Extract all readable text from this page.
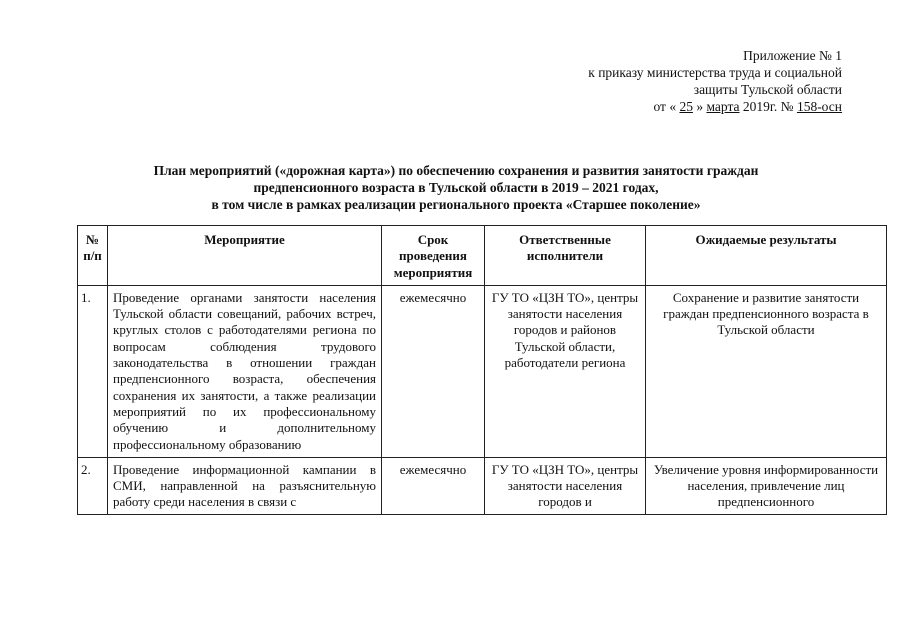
Приложение № 1
к приказу министерства труда и социальной
защиты Тульской области
от « 25 » марта 2019г. № 158-осн
План мероприятий («дорожная карта») по обеспечению сохранения и развития занятости граждан
предпенсионного возраста в Тульской области в 2019 – 2021 годах,
в том числе в рамках реализации регионального проекта «Старшее поколение»
№ п/п	Мероприятие	Срок проведения мероприятия	Ответственные исполнители	Ожидаемые результаты
1.	Проведение органами занятости населения Тульской области совещаний, рабочих встреч, круглых столов с работодателями региона по вопросам соблюдения трудового законодательства в отношении граждан предпенсионного возраста, обеспечения сохранения их занятости, а также реализации мероприятий по их профессиональному обучению и дополнительному профессиональному образованию	ежемесячно	ГУ ТО «ЦЗН ТО», центры занятости населения городов и районов Тульской области, работодатели региона	Сохранение и развитие занятости граждан предпенсионного возраста в Тульской области

2.	Проведение информационной кампании в СМИ, направленной на разъяснительную работу среди населения в связи с	ежемесячно	ГУ ТО «ЦЗН ТО», центры занятости населения городов и	Увеличение уровня информированности населения, привлечение лиц предпенсионного
